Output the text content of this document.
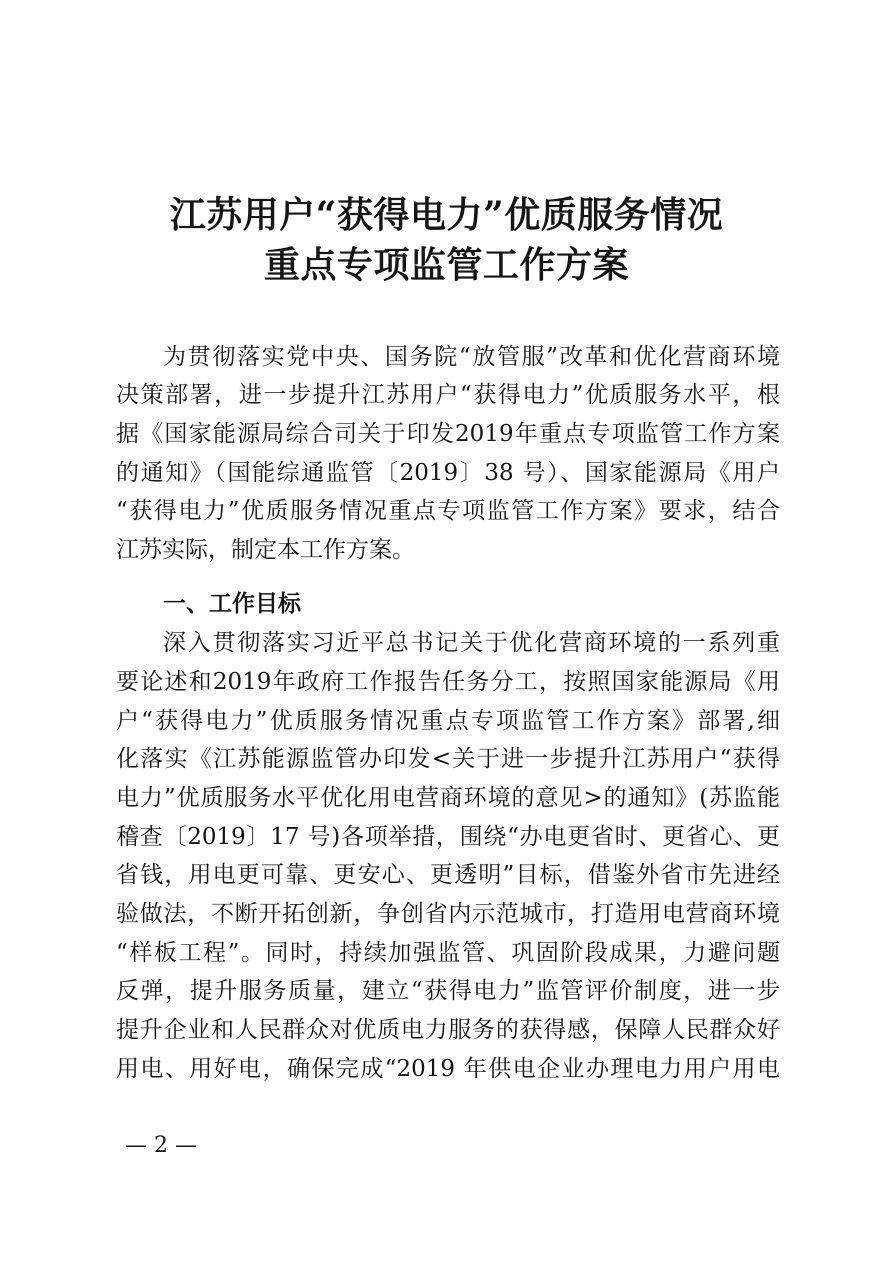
江苏用户“获得电力”优质服务情况
重点专项监管工作方案
为贯彻落实党中央、国务院“放管服”改革和优化营商环境
决策部署，进一步提升江苏用户“获得电力”优质服务水平，根
据《国家能源局综合司关于印发2019年重点专项监管工作方案
的通知》（国能综通监管〔2019〕38 号）、国家能源局《用户
“获得电力”优质服务情况重点专项监管工作方案》要求，结合
江苏实际，制定本工作方案。
一、工作目标
深入贯彻落实习近平总书记关于优化营商环境的一系列重
要论述和2019年政府工作报告任务分工，按照国家能源局《用
户“获得电力”优质服务情况重点专项监管工作方案》部署,细
化落实《江苏能源监管办印发<关于进一步提升江苏用户“获得
电力”优质服务水平优化用电营商环境的意见>的通知》(苏监能
稽查〔2019〕17 号)各项举措，围绕“办电更省时、更省心、更
省钱，用电更可靠、更安心、更透明”目标，借鉴外省市先进经
验做法，不断开拓创新，争创省内示范城市，打造用电营商环境
“样板工程”。同时，持续加强监管、巩固阶段成果，力避问题
反弹，提升服务质量，建立“获得电力”监管评价制度，进一步
提升企业和人民群众对优质电力服务的获得感，保障人民群众好
用电、用好电，确保完成“2019 年供电企业办理电力用户用电
— 2 —
